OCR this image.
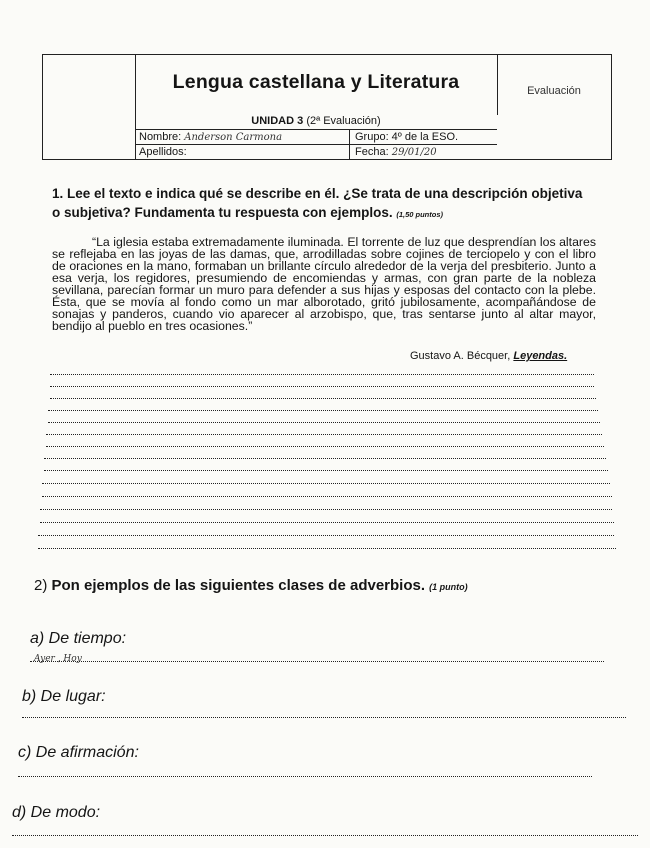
Lengua castellana y Literatura	Evaluación
UNIDAD 3 (2ª Evaluación)
Nombre: Anderson Carmona	Grupo: 4º de la ESO.
Apellidos:	Fecha: 29/01/20
1. Lee el texto e indica qué se describe en él. ¿Se trata de una descripción objetiva o subjetiva? Fundamenta tu respuesta con ejemplos. (1,50 puntos)
“La iglesia estaba extremadamente iluminada. El torrente de luz que desprendían los altares se reflejaba en las joyas de las damas, que, arrodilladas sobre cojines de terciopelo y con el libro de oraciones en la mano, formaban un brillante círculo alrededor de la verja del presbiterio. Junto a esa verja, los regidores, presumiendo de encomiendas y armas, con gran parte de la nobleza sevillana, parecían formar un muro para defender a sus hijas y esposas del contacto con la plebe. Ésta, que se movía al fondo como un mar alborotado, gritó jubilosamente, acompañándose de sonajas y panderos, cuando vio aparecer al arzobispo, que, tras sentarse junto al altar mayor, bendijo al pueblo en tres ocasiones.”
Gustavo A. Bécquer, Leyendas.
2) Pon ejemplos de las siguientes clases de adverbios. (1 punto)
a) De tiempo:
Ayer , Hoy
b) De lugar:
c) De afirmación:
d) De modo:
